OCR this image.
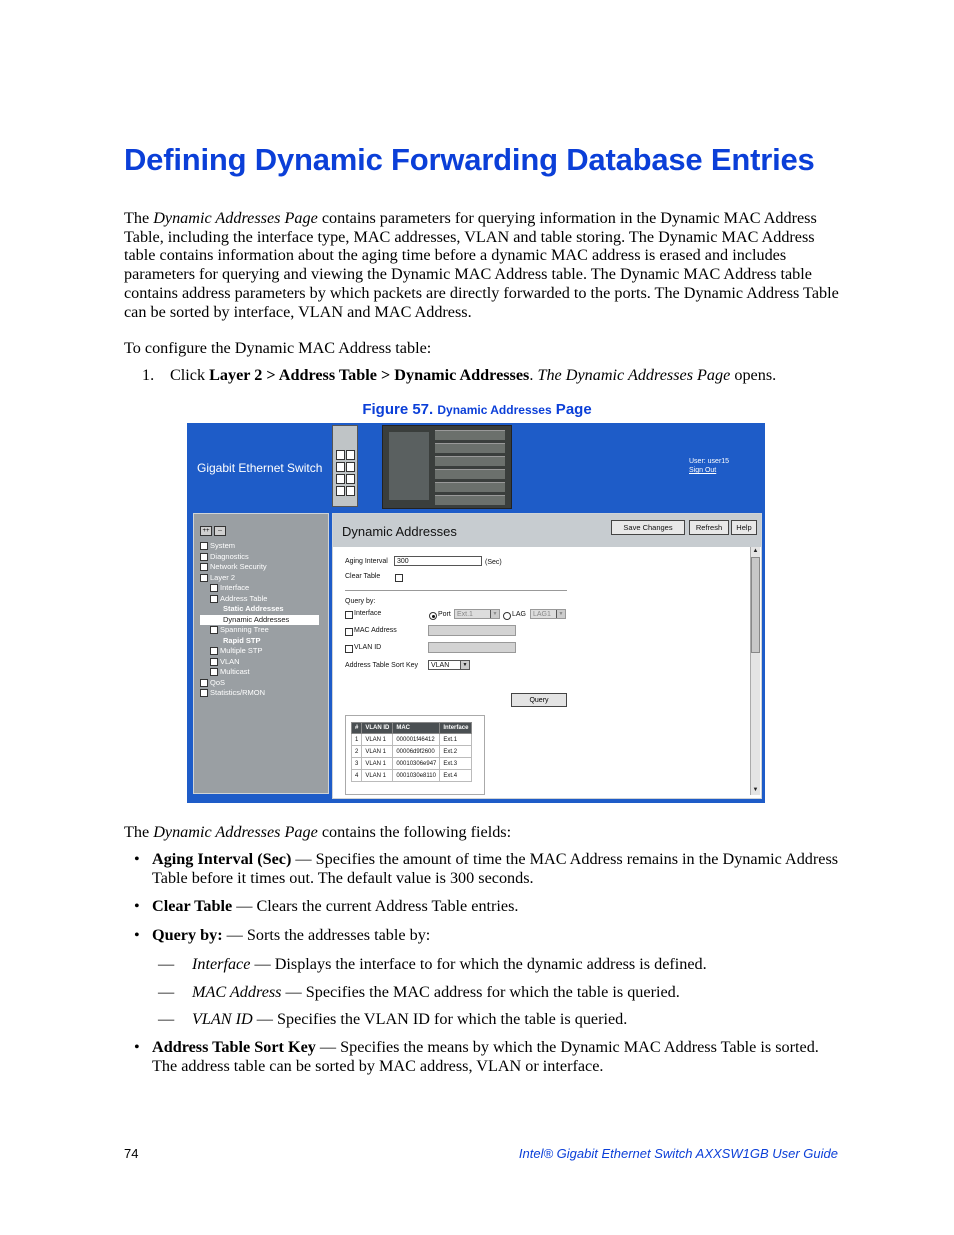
Defining Dynamic Forwarding Database Entries

The Dynamic Addresses Page contains parameters for querying information in the Dynamic MAC Address Table, including the interface type, MAC addresses, VLAN and table storing. The Dynamic MAC Address table contains information about the aging time before a dynamic MAC address is erased and includes parameters for querying and viewing the Dynamic MAC Address table. The Dynamic MAC Address table contains address parameters by which packets are directly forwarded to the ports. The Dynamic Address Table can be sorted by interface, VLAN and MAC Address.

To configure the Dynamic MAC Address table:

1. Click Layer 2 > Address Table > Dynamic Addresses. The Dynamic Addresses Page opens.
Figure 57. Dynamic Addresses Page
Gigabit Ethernet Switch	User: user15
Sign Out
++ --
System
Diagnostics
Network Security
Layer 2
Interface
Address Table
Static Addresses
Dynamic Addresses
Spanning Tree
Rapid STP
Multiple STP
VLAN
Multicast
QoS
Statistics/RMON
Dynamic Addresses	Save Changes	Refresh	Help
Aging Interval	300	(Sec)
Clear Table
Query by:
Interface	Port Ext.1	▼ LAG LAG1	▼
MAC Address
VLAN ID
Address Table Sort Key	VLAN	▼
Query
#	VLAN ID	MAC	Interface
1	VLAN 1	000001f46412	Ext.1
2	VLAN 1	00006d9f2600	Ext.2
3	VLAN 1	00010306e947	Ext.3
4	VLAN 1	0001030e8110	Ext.4
▲
▼

The Dynamic Addresses Page contains the following fields:

• Aging Interval (Sec) — Specifies the amount of time the MAC Address remains in the Dynamic Address Table before it times out. The default value is 300 seconds.
• Clear Table — Clears the current Address Table entries.
• Query by: — Sorts the addresses table by:
— Interface — Displays the interface to for which the dynamic address is defined.
— MAC Address — Specifies the MAC address for which the table is queried.
— VLAN ID — Specifies the VLAN ID for which the table is queried.
• Address Table Sort Key — Specifies the means by which the Dynamic MAC Address Table is sorted. The address table can be sorted by MAC address, VLAN or interface.
74	Intel® Gigabit Ethernet Switch AXXSW1GB User Guide
